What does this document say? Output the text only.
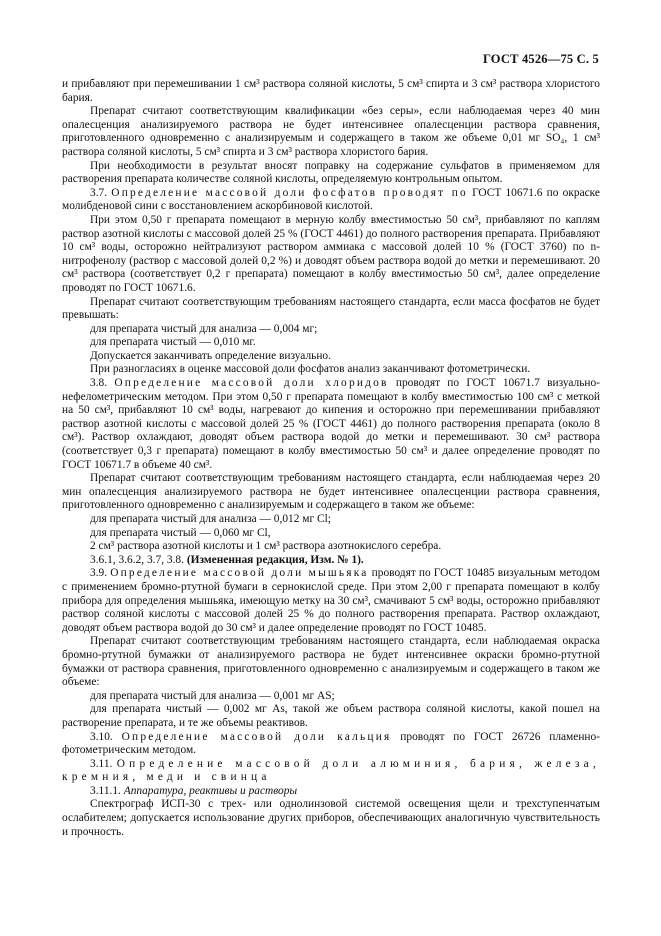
ГОСТ 4526—75 С. 5

и прибавляют при перемешивании 1 см³ раствора соляной кислоты, 5 см³ спирта и 3 см³ раствора хлористого бария.

Препарат считают соответствующим квалификации «без серы», если наблюдаемая через 40 мин опалесценция анализируемого раствора не будет интенсивнее опалесценции раствора сравнения, приготовленного одновременно с анализируемым и содержащего в таком же объеме 0,01 мг SO₄, 1 см³ раствора соляной кислоты, 5 см³ спирта и 3 см³ раствора хлористого бария.

При необходимости в результат вносят поправку на содержание сульфатов в применяемом для растворения препарата количестве соляной кислоты, определяемую контрольным опытом.

3.7. Определение массовой доли фосфатов проводят по ГОСТ 10671.6 по окраске молибденовой сини с восстановлением аскорбиновой кислотой.

При этом 0,50 г препарата помещают в мерную колбу вместимостью 50 см³, прибавляют по каплям раствор азотной кислоты с массовой долей 25 % (ГОСТ 4461) до полного растворения препарата. Прибавляют 10 см³ воды, осторожно нейтрализуют раствором аммиака с массовой долей 10 % (ГОСТ 3760) по n-нитрофенолу (раствор с массовой долей 0,2 %) и доводят объем раствора водой до метки и перемешивают. 20 см³ раствора (соответствует 0,2 г препарата) помещают в колбу вместимостью 50 см³, далее определение проводят по ГОСТ 10671.6.

Препарат считают соответствующим требованиям настоящего стандарта, если масса фосфатов не будет превышать:

для препарата чистый для анализа — 0,004 мг;

для препарата чистый — 0,010 мг.

Допускается заканчивать определение визуально.

При разногласиях в оценке массовой доли фосфатов анализ заканчивают фотометрически.

3.8. Определение массовой доли хлоридов проводят по ГОСТ 10671.7 визуально-нефелометрическим методом. При этом 0,50 г препарата помещают в колбу вместимостью 100 см³ с меткой на 50 см³, прибавляют 10 см³ воды, нагревают до кипения и осторожно при перемешивании прибавляют раствор азотной кислоты с массовой долей 25 % (ГОСТ 4461) до полного растворения препарата (около 8 см³). Раствор охлаждают, доводят объем раствора водой до метки и перемешивают. 30 см³ раствора (соответствует 0,3 г препарата) помещают в колбу вместимостью 50 см³ и далее определение проводят по ГОСТ 10671.7 в объеме 40 см³.

Препарат считают соответствующим требованиям настоящего стандарта, если наблюдаемая через 20 мин опалесценция анализируемого раствора не будет интенсивнее опалесценции раствора сравнения, приготовленного одновременно с анализируемым и содержащего в таком же объеме:

для препарата чистый для анализа — 0,012 мг Cl;

для препарата чистый — 0,060 мг Cl,

2 см³ раствора азотной кислоты и 1 см³ раствора азотнокислого серебра.

3.6.1, 3.6.2, 3.7, 3.8. (Измененная редакция, Изм. № 1).

3.9. Определение массовой доли мышьяка проводят по ГОСТ 10485 визуальным методом с применением бромно-ртутной бумаги в сернокислой среде. При этом 2,00 г препарата помещают в колбу прибора для определения мышьяка, имеющую метку на 30 см³, смачивают 5 см³ воды, осторожно прибавляют раствор соляной кислоты с массовой долей 25 % до полного растворения препарата. Раствор охлаждают, доводят объем раствора водой до 30 см³ и далее определение проводят по ГОСТ 10485.

Препарат считают соответствующим требованиям настоящего стандарта, если наблюдаемая окраска бромно-ртутной бумажки от анализируемого раствора не будет интенсивнее окраски бромно-ртутной бумажки от раствора сравнения, приготовленного одновременно с анализируемым и содержащего в таком же объеме:

для препарата чистый для анализа — 0,001 мг AS;

для препарата чистый — 0,002 мг As, такой же объем раствора соляной кислоты, какой пошел на растворение препарата, и те же объемы реактивов.

3.10. Определение массовой доли кальция проводят по ГОСТ 26726 пламенно-фотометрическим методом.

3.11. Определение массовой доли алюминия, бария, железа, кремния, меди и свинца

3.11.1. Аппаратура, реактивы и растворы

Спектрограф ИСП-30 с трех- или однолинзовой системой освещения щели и трехступенчатым ослабителем; допускается использование других приборов, обеспечивающих аналогичную чувствительность и прочность.
